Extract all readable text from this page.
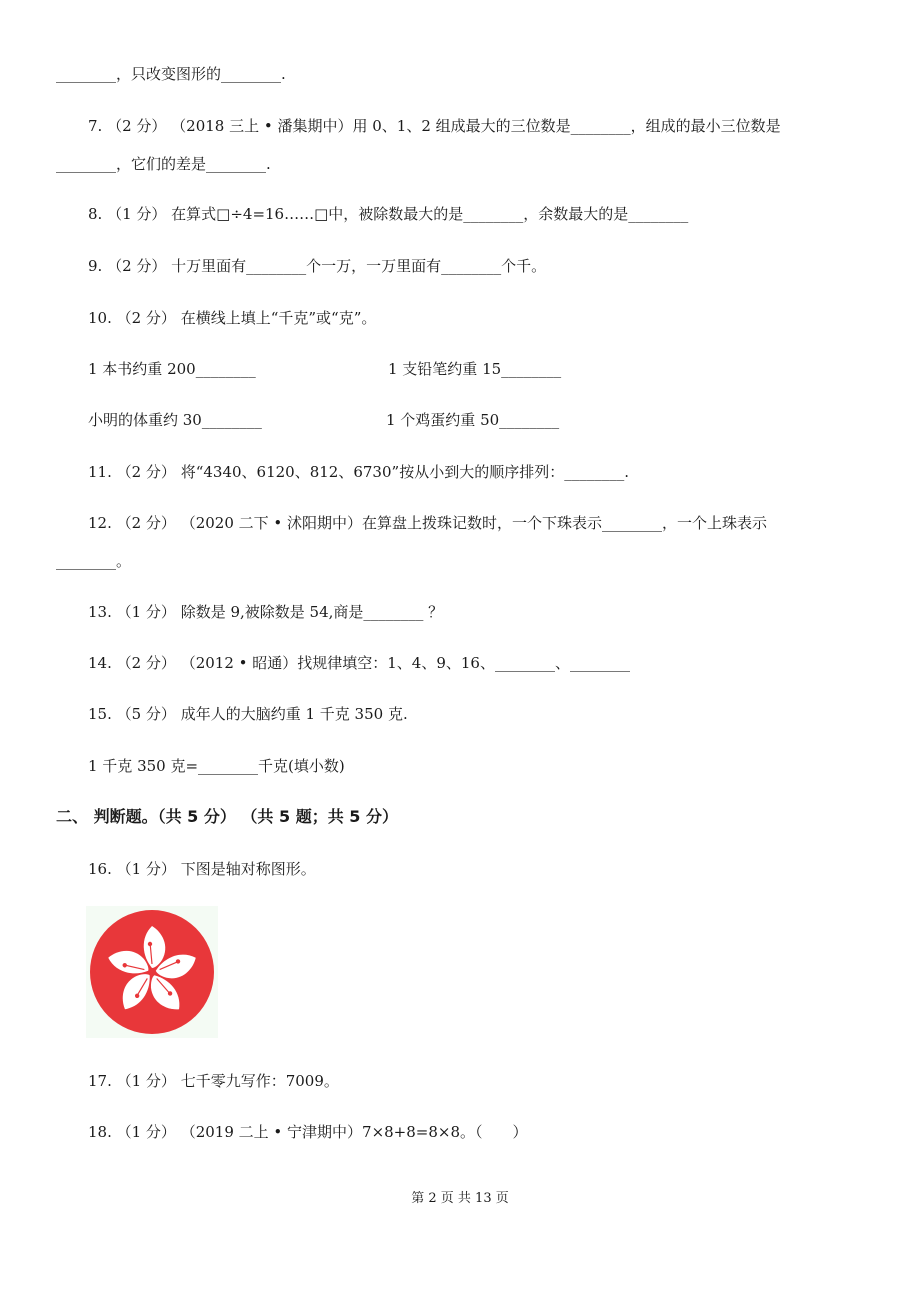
________，只改变图形的________.
7. （2 分） （2018 三上 • 潘集期中）用 0、1、2 组成最大的三位数是________，组成的最小三位数是
________，它们的差是________.
8. （1 分） 在算式□÷4=16……□中，被除数最大的是________，余数最大的是________
9. （2 分） 十万里面有________个一万，一万里面有________个千。
10. （2 分） 在横线上填上“千克”或“克”。
1 本书约重 200________	1 支铅笔约重 15________
小明的体重约 30________	1 个鸡蛋约重 50________
11. （2 分） 将“4340、6120、812、6730”按从小到大的顺序排列：________.
12. （2 分） （2020 二下 • 沭阳期中）在算盘上拨珠记数时，一个下珠表示________，一个上珠表示
________。
13. （1 分） 除数是 9,被除数是 54,商是________ ？
14. （2 分） （2012 • 昭通）找规律填空：1、4、9、16、________、________
15. （5 分） 成年人的大脑约重 1 千克 350 克.
1 千克 350 克=________千克(填小数)
二、 判断题。（共 5 分） （共 5 题；共 5 分）
16. （1 分） 下图是轴对称图形。
17. （1 分） 七千零九写作：7009。
18. （1 分） （2019 二上 • 宁津期中）7×8+8=8×8。（　　）
第 2 页 共 13 页
